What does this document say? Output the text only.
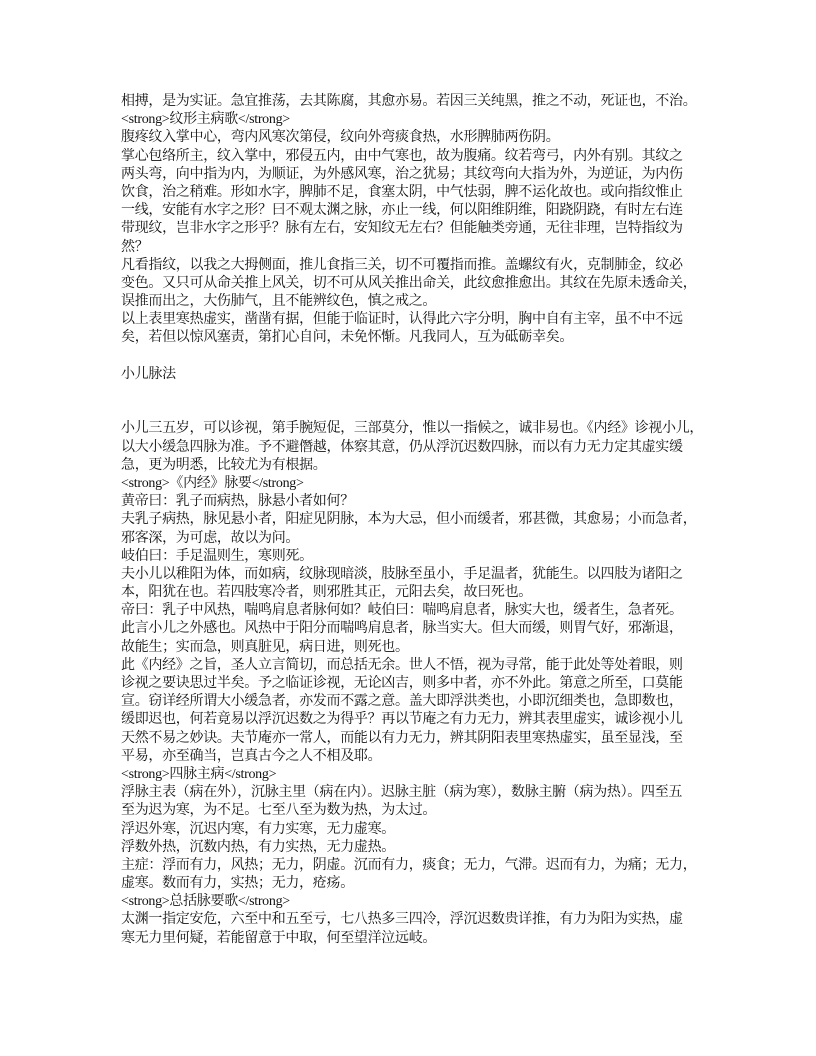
相搏，是为实证。急宜推荡，去其陈腐，其愈亦易。若因三关纯黑，推之不动，死证也，不治。
<strong>纹形主病歌</strong>
腹疼纹入掌中心，弯内风寒次第侵，纹向外弯痰食热，水形脾肺两伤阴。
掌心包络所主，纹入掌中，邪侵五内，由中气寒也，故为腹痛。纹若弯弓，内外有别。其纹之
两头弯，向中指为内，为顺证，为外感风寒，治之犹易；其纹弯向大指为外，为逆证，为内伤
饮食，治之稍难。形如水字，脾肺不足，食塞太阴，中气怯弱，脾不运化故也。或向指纹惟止
一线，安能有水字之形？曰不观太渊之脉，亦止一线，何以阳维阴维，阳跷阴跷，有时左右连
带现纹，岂非水字之形乎？脉有左右，安知纹无左右？但能触类旁通，无往非理，岂特指纹为
然？
凡看指纹，以我之大拇侧面，推儿食指三关，切不可覆指而推。盖螺纹有火，克制肺金，纹必
变色。又只可从命关推上风关，切不可从风关推出命关，此纹愈推愈出。其纹在先原未透命关，
误推而出之，大伤肺气，且不能辨纹色，慎之戒之。
以上表里寒热虚实，凿凿有据，但能于临证时，认得此六字分明，胸中自有主宰，虽不中不远
矣，若但以惊风塞责，第扪心自问，未免怀惭。凡我同人，互为砥砺幸矣。
小儿脉法
小儿三五岁，可以诊视，第手腕短促，三部莫分，惟以一指候之，诚非易也。《内经》诊视小儿，
以大小缓急四脉为准。予不避僭越，体察其意，仍从浮沉迟数四脉，而以有力无力定其虚实缓
急，更为明悉，比较尤为有根据。
<strong>《内经》脉要</strong>
黄帝曰：乳子而病热，脉悬小者如何？
夫乳子病热，脉见悬小者，阳症见阴脉，本为大忌，但小而缓者，邪甚微，其愈易；小而急者，
邪客深，为可虑，故以为问。
岐伯曰：手足温则生，寒则死。
夫小儿以稚阳为体，而如病，纹脉现暗淡，肢脉至虽小，手足温者，犹能生。以四肢为诸阳之
本，阳犹在也。若四肢寒冷者，则邪胜其正，元阳去矣，故曰死也。
帝曰：乳子中风热，喘鸣肩息者脉何如？岐伯曰：喘鸣肩息者，脉实大也，缓者生，急者死。
此言小儿之外感也。风热中于阳分而喘鸣肩息者，脉当实大。但大而缓，则胃气好，邪渐退，
故能生；实而急，则真脏见，病日进，则死也。
此《内经》之旨，圣人立言简切，而总括无余。世人不悟，视为寻常，能于此处等处着眼，则
诊视之要诀思过半矣。予之临证诊视，无论凶吉，则多中者，亦不外此。第意之所至，口莫能
宣。窃详经所谓大小缓急者，亦发而不露之意。盖大即浮洪类也，小即沉细类也，急即数也，
缓即迟也，何若竟易以浮沉迟数之为得乎？再以节庵之有力无力，辨其表里虚实，诚诊视小儿
天然不易之妙诀。夫节庵亦一常人，而能以有力无力，辨其阴阳表里寒热虚实，虽至显浅，至
平易，亦至确当，岂真古今之人不相及耶。
<strong>四脉主病</strong>
浮脉主表（病在外），沉脉主里（病在内）。迟脉主脏（病为寒），数脉主腑（病为热）。四至五
至为迟为寒，为不足。七至八至为数为热，为太过。
浮迟外寒，沉迟内寒，有力实寒，无力虚寒。
浮数外热，沉数内热，有力实热，无力虚热。
主症：浮而有力，风热；无力，阴虚。沉而有力，痰食；无力，气滞。迟而有力，为痛；无力，
虚寒。数而有力，实热；无力，疮疡。
<strong>总括脉要歌</strong>
太渊一指定安危，六至中和五至亏，七八热多三四冷，浮沉迟数贵详推，有力为阳为实热，虚
寒无力里何疑，若能留意于中取，何至望洋泣远岐。
